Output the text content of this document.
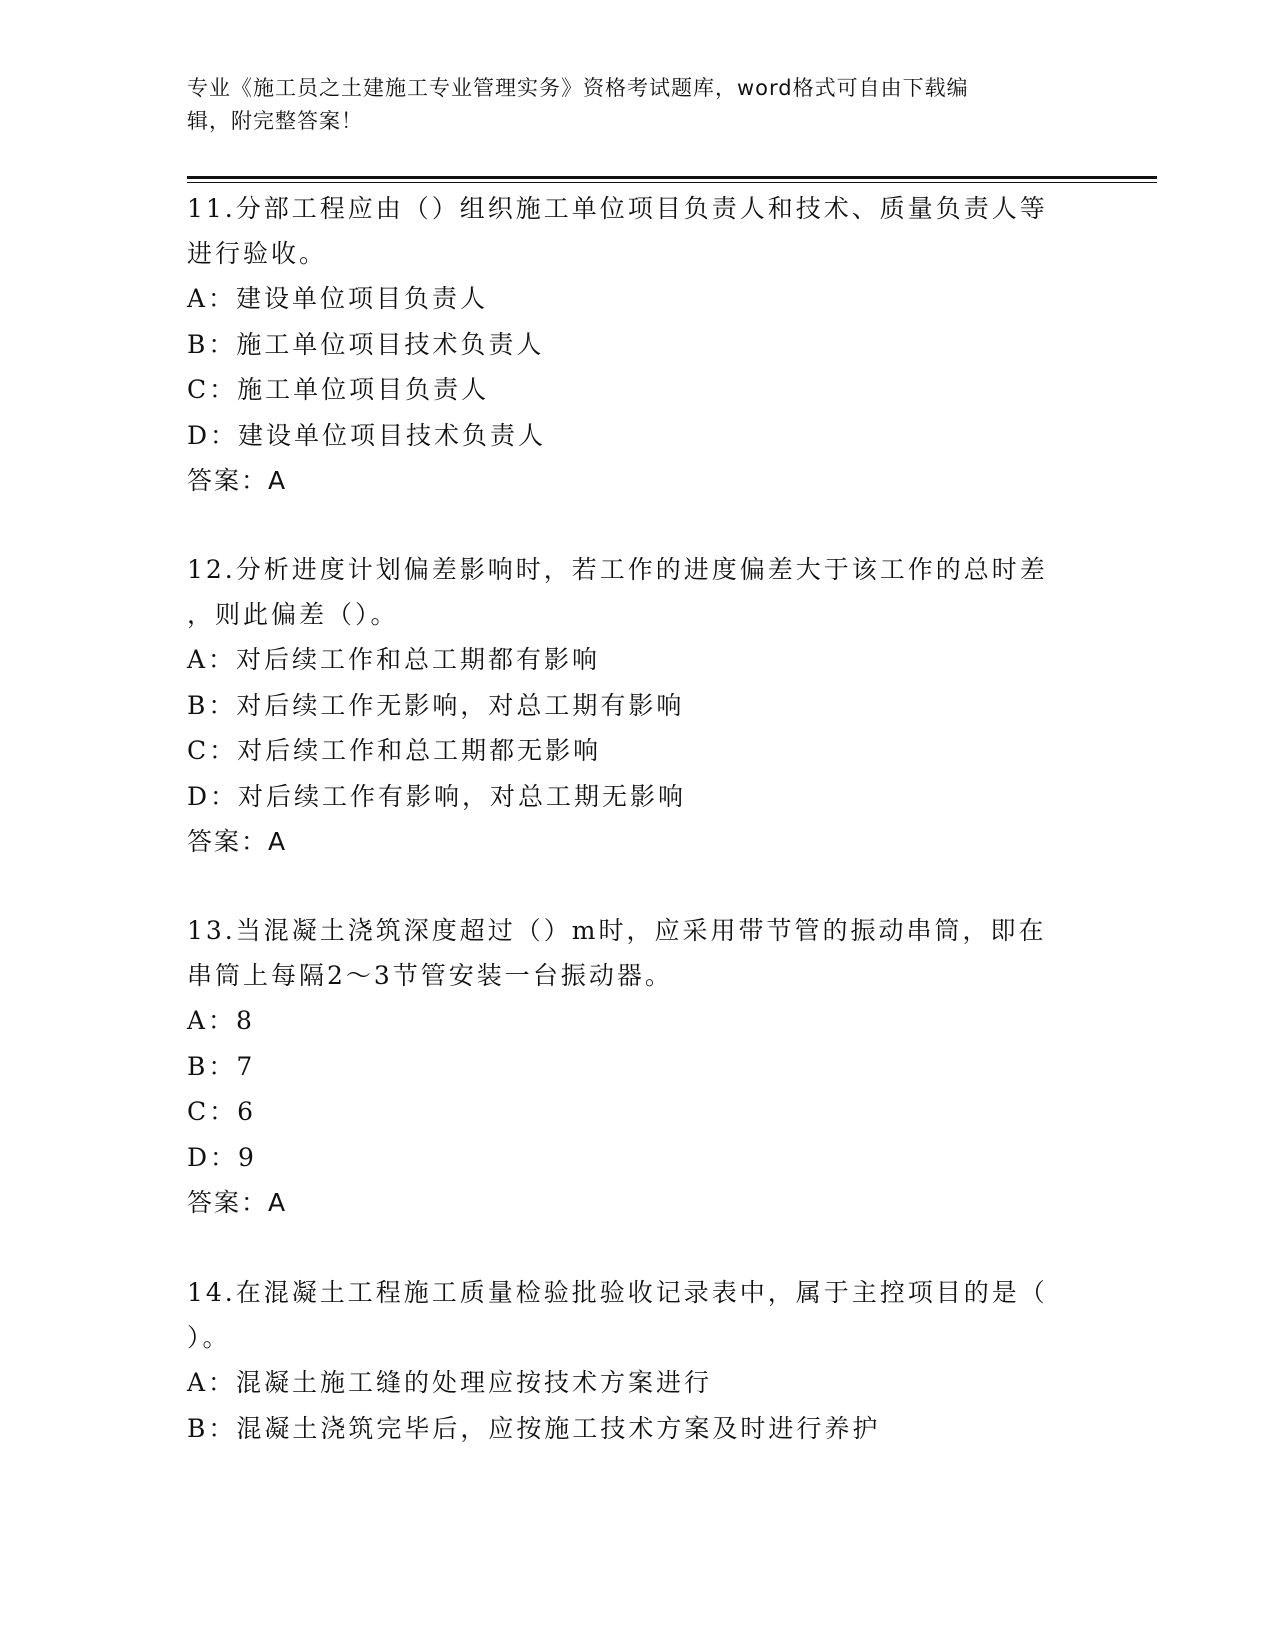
专业《施工员之土建施工专业管理实务》资格考试题库，word格式可自由下载编
辑，附完整答案！

11.分部工程应由（）组织施工单位项目负责人和技术、质量负责人等

进行验收。

A：建设单位项目负责人

B：施工单位项目技术负责人

C：施工单位项目负责人

D：建设单位项目技术负责人

答案：A

12.分析进度计划偏差影响时，若工作的进度偏差大于该工作的总时差

，则此偏差（）。

A：对后续工作和总工期都有影响

B：对后续工作无影响，对总工期有影响

C：对后续工作和总工期都无影响

D：对后续工作有影响，对总工期无影响

答案：A

13.当混凝土浇筑深度超过（）m时，应采用带节管的振动串筒，即在

串筒上每隔2～3节管安装一台振动器。

A：8

B：7

C：6

D：9

答案：A

14.在混凝土工程施工质量检验批验收记录表中，属于主控项目的是（

）。

A：混凝土施工缝的处理应按技术方案进行

B：混凝土浇筑完毕后，应按施工技术方案及时进行养护
